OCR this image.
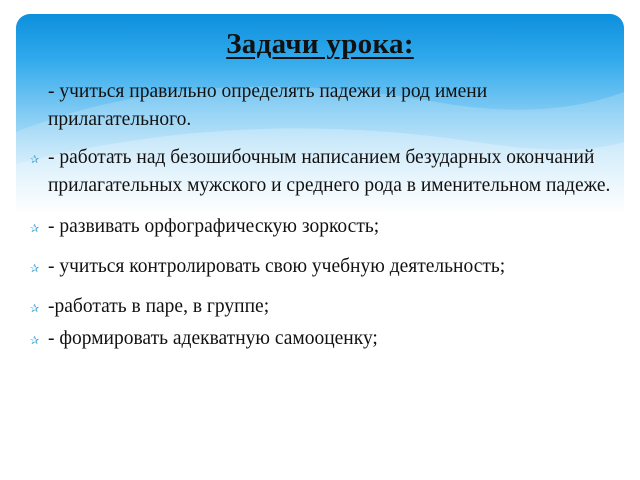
Задачи урока:
- учиться правильно определять падежи и род имени прилагательного.
✰ - работать над безошибочным написанием безударных окончаний прилагательных мужского и среднего рода в именительном падеже.
✰ - развивать орфографическую зоркость;
✰ - учиться контролировать свою учебную деятельность;
✰ -работать в паре, в группе;
✰ - формировать адекватную самооценку;
